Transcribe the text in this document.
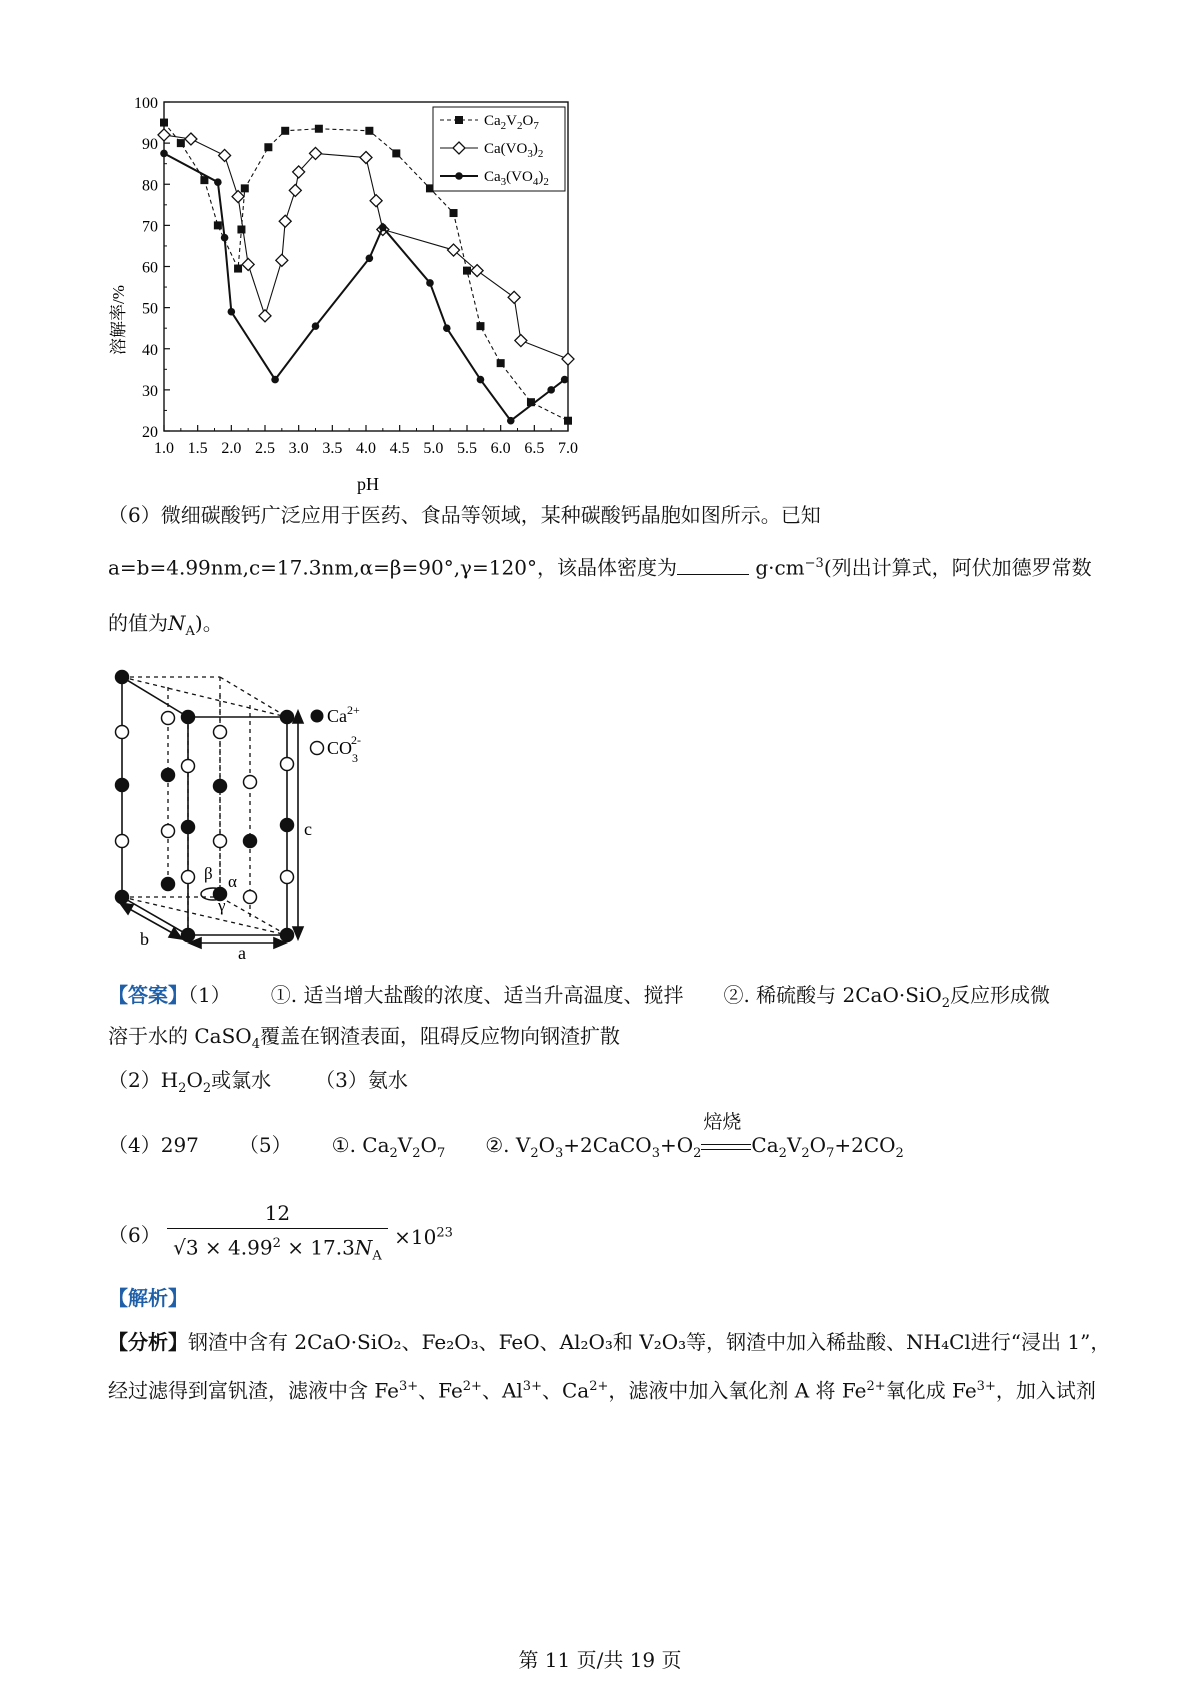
1.0 1.5 2.0 2.5 3.0 3.5 4.0 4.5 5.0 5.5 6.0 6.5 7.0
20
30
40
50
60
70
80
90
100
$Ca_2V_2O_7$
$Ca(VO_3)_2$
$Ca_3(VO_4)_2$
溶解率/%
pH
（6）微细碳酸钙广泛应用于医药、食品等领域，某种碳酸钙晶胞如图所示。已知
a=b=4.99nm,c=17.3nm,α=β=90°,γ=120°，该晶体密度为	$g\cdot cm^{-3}$(列出计算式，阿伏加德罗常数
的值为$N_A$)。
c
a
b
β α
γ
$Ca^{2+}$
$CO_32-$
【答案】（1） ①. 适当增大盐酸的浓度、适当升高温度、搅拌 ②. 稀硫酸与 2CaO·SiO$_2$反应形成微
溶于水的 CaSO$_4$覆盖在钢渣表面，阻碍反应物向钢渣扩散
$(2)H_2O_2$或氯水 （3）氨水
（4）297 （5） ①. $Ca_2V_2O_7$ ②. $V_2O_3+2CaCO_3+O_2$
焙烧
$Ca_2V_2O_7+2CO_2$
$(6) \frac{12}{√3 \times 4.99^2 \times 17.3N_A} \times 10^{23}$
【解析】
【分析】钢渣中含有 2CaO·SiO₂、Fe₂O₃、FeO、Al₂O₃和 V₂O₃等，钢渣中加入稀盐酸、NH₄Cl进行“浸出 1”，
经过滤得到富钒渣，滤液中含 $Fe^{3+}$、$Fe^{2+}$、$Al^{3+}$、$Ca^{2+}$，滤液中加入氧化剂 A 将 $Fe^{2+}$氧化成 $Fe^{3+}$，加入试剂
第 11 页/共 19 页
